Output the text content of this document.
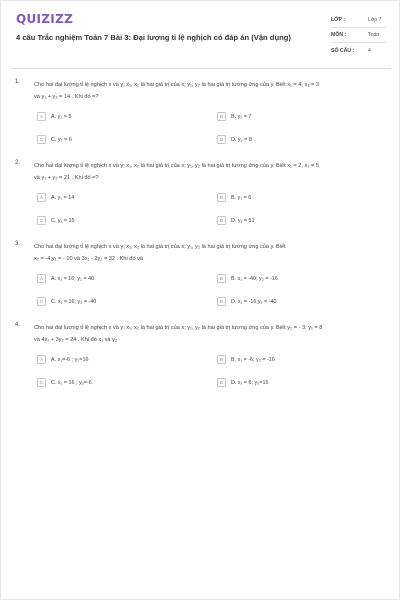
QUIZIZZ
4 câu Trắc nghiệm Toán 7 Bài 3: Đại lượng tỉ lệ nghịch có đáp án (Vận dụng)
LỚP :	Lớp 7
MÔN :	Toán
SỐ CÂU :	4
1. Cho hai đại lượng tỉ lệ nghịch x và y; x₁, x₂ là hai giá trị của x; y₁, y₂ là hai giá trị tương ứng của y. Biết x₁ = 4, x₂ = 3
và y₁ + y₂ = 14 . Khi đó =?
A	A. y₂ = 5	B	B. y₂ = 7
C	C. y₂ = 6	D	D. y₂ = 8
2. Cho hai đại lượng tỉ lệ nghịch x và y; x₁, x₂ là hai giá trị của x; y₁, y₂ là hai giá trị tương ứng của y. Biết x₁ = 2, x₂ = 5
và y₁ + y₂ = 21 . Khi đó =?
A	A. y₁ = 14	B	B. y₁ = 6
C	C. y₁ = 15	D	D. y₁ = 51
3. Cho hai đại lượng tỉ lệ nghịch x và y; x₁, x₂ là hai giá trị của x; y₁, y₂ là hai giá trị tương ứng của y. Biết
x₂ = -4;y₁ = - 10 và 3x₁ - 2y₂ = 32 . Khi đó và
A	A. x₁ = 16; y₂ = 40	B	B. x₁ = -40; y₂ = -16
C	C. x₁ = 16; y₂ = -40	D	D. x₁ = -16;y₂ = -40
4. Cho hai đại lượng tỉ lệ nghịch x và y; x₁, x₂ là hai giá trị của x; y₁, y₂ là hai giá trị tương ứng của y. Biết y₂ = - 3; y₁ = 8
và 4x₁ + 3y₂ = 24 . Khi đó x₁ và y₂
A	A. x₁=-6 ; y₂=16	B	B. x₁ = -6; y₂ = -16
C	C. x₁ = 16 ; y₂=-6	D	D. x₁ = 6; y₂=16
